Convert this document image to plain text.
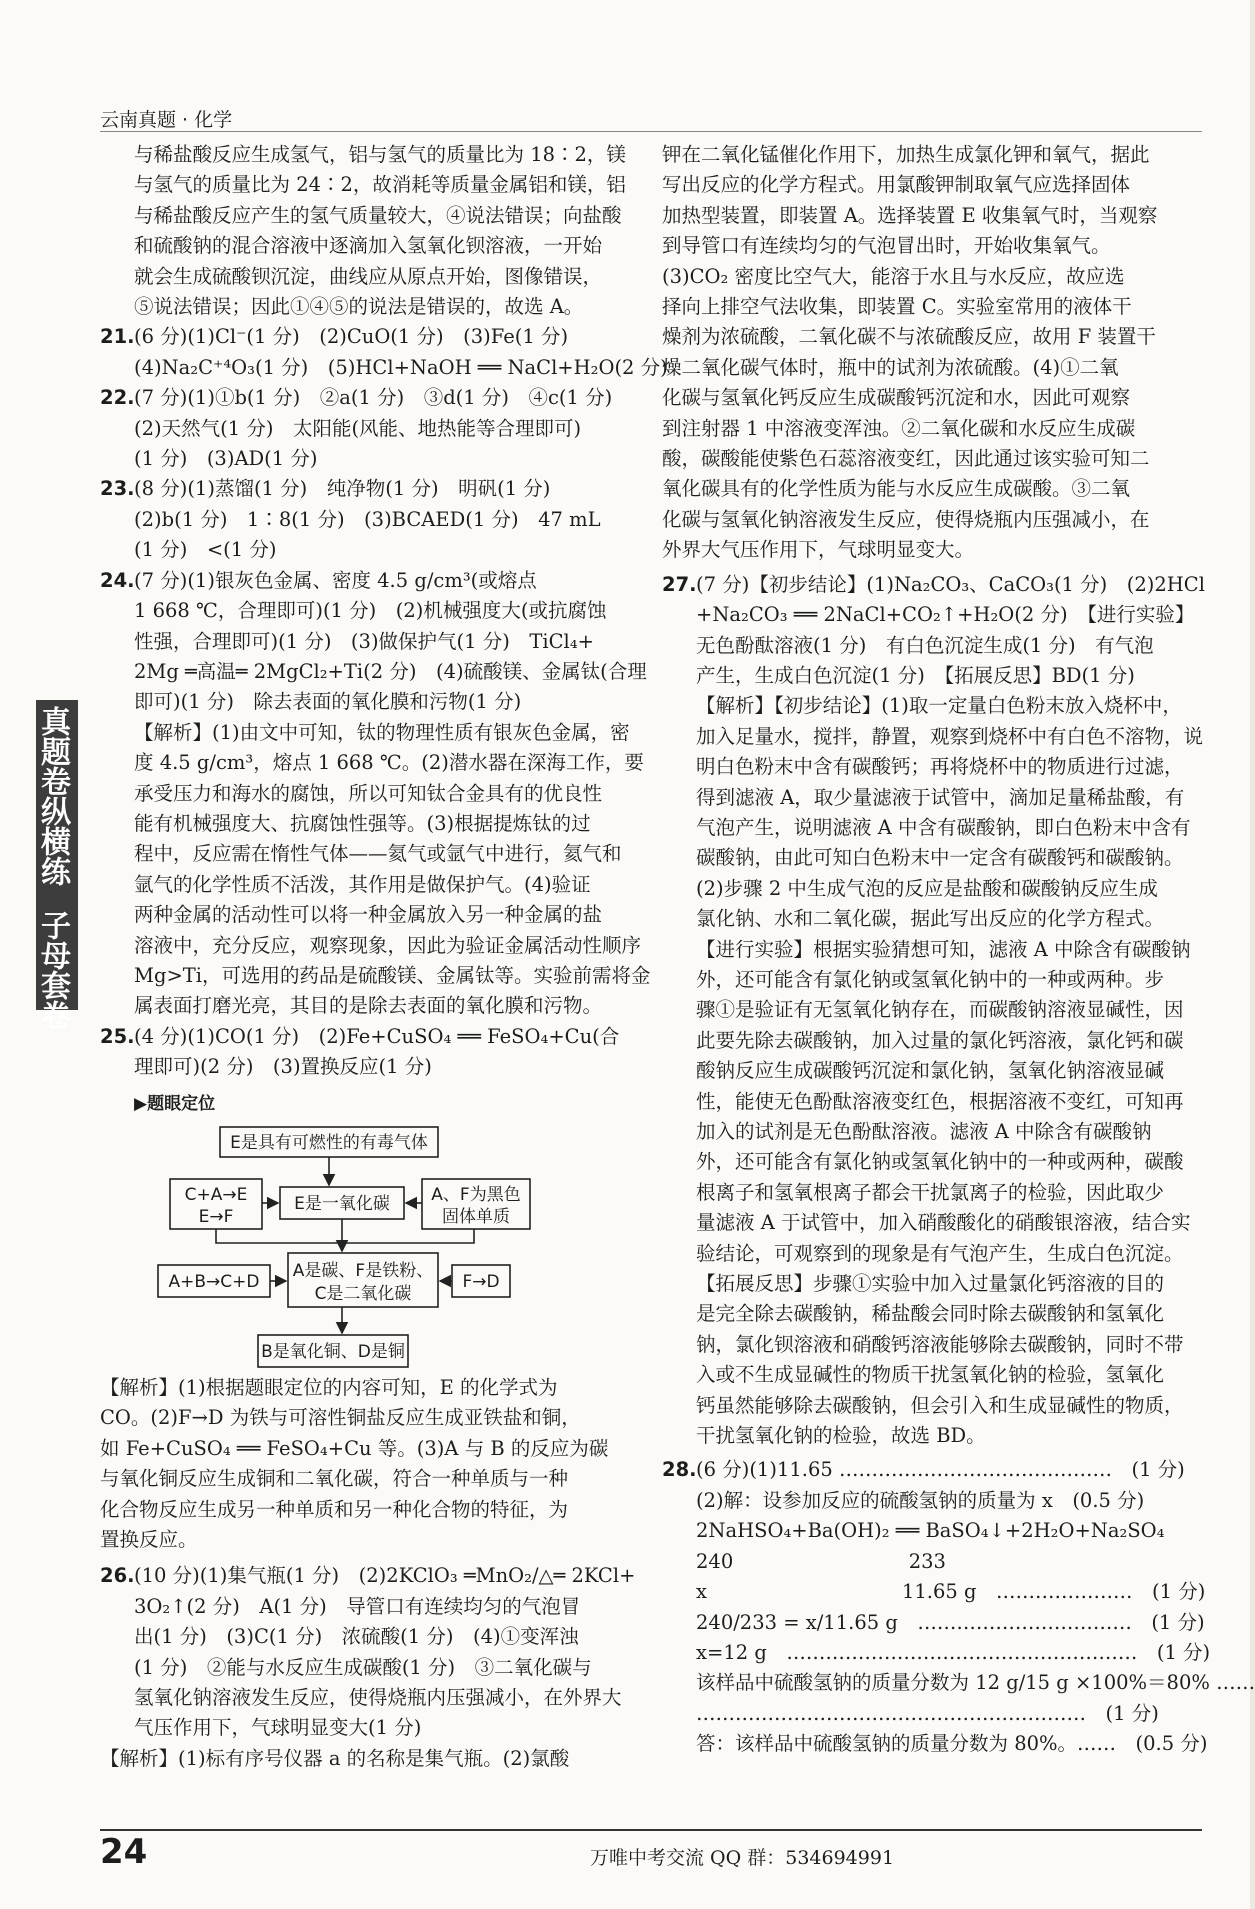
云南真题 · 化学
真题卷纵横练
子母套卷

与稀盐酸反应生成氢气，铝与氢气的质量比为 18∶2，镁

与氢气的质量比为 24∶2，故消耗等质量金属铝和镁，铝

与稀盐酸反应产生的氢气质量较大，④说法错误；向盐酸

和硫酸钠的混合溶液中逐滴加入氢氧化钡溶液，一开始

就会生成硫酸钡沉淀，曲线应从原点开始，图像错误，

⑤说法错误；因此①④⑤的说法是错误的，故选 A。

21.(6 分)(1)Cl⁻(1 分)　(2)CuO(1 分)　(3)Fe(1 分)

(4)Na₂C⁺⁴O₃(1 分)　(5)HCl+NaOH ══ NaCl+H₂O(2 分)

22.(7 分)(1)①b(1 分)　②a(1 分)　③d(1 分)　④c(1 分)

(2)天然气(1 分)　太阳能(风能、地热能等合理即可)

(1 分)　(3)AD(1 分)

23.(8 分)(1)蒸馏(1 分)　纯净物(1 分)　明矾(1 分)

(2)b(1 分)　1∶8(1 分)　(3)BCAED(1 分)　47 mL

(1 分)　<(1 分)

24.(7 分)(1)银灰色金属、密度 4.5 g/cm³(或熔点

1 668 ℃，合理即可)(1 分)　(2)机械强度大(或抗腐蚀

性强，合理即可)(1 分)　(3)做保护气(1 分)　TiCl₄+

2Mg ═高温═ 2MgCl₂+Ti(2 分)　(4)硫酸镁、金属钛(合理

即可)(1 分)　除去表面的氧化膜和污物(1 分)

【解析】(1)由文中可知，钛的物理性质有银灰色金属，密

度 4.5 g/cm³，熔点 1 668 ℃。(2)潜水器在深海工作，要

承受压力和海水的腐蚀，所以可知钛合金具有的优良性

能有机械强度大、抗腐蚀性强等。(3)根据提炼钛的过

程中，反应需在惰性气体——氦气或氩气中进行，氦气和

氩气的化学性质不活泼，其作用是做保护气。(4)验证

两种金属的活动性可以将一种金属放入另一种金属的盐

溶液中，充分反应，观察现象，因此为验证金属活动性顺序

Mg>Ti，可选用的药品是硫酸镁、金属钛等。实验前需将金

属表面打磨光亮，其目的是除去表面的氧化膜和污物。

25.(4 分)(1)CO(1 分)　(2)Fe+CuSO₄ ══ FeSO₄+Cu(合

理即可)(2 分)　(3)置换反应(1 分)

▶题眼定位
E是具有可燃性的有毒气体
C+A→E
E→F
E是一氧化碳 A、F为黑色
固体单质
A+B→C+D
A是碳、F是铁粉、
C是二氧化碳
F→D
B是氧化铜、D是铜

【解析】(1)根据题眼定位的内容可知，E 的化学式为

CO。(2)F→D 为铁与可溶性铜盐反应生成亚铁盐和铜，

如 Fe+CuSO₄ ══ FeSO₄+Cu 等。(3)A 与 B 的反应为碳

与氧化铜反应生成铜和二氧化碳，符合一种单质与一种

化合物反应生成另一种单质和另一种化合物的特征，为

置换反应。

26.(10 分)(1)集气瓶(1 分)　(2)2KClO₃ ═MnO₂/△═ 2KCl+

3O₂↑(2 分)　A(1 分)　导管口有连续均匀的气泡冒

出(1 分)　(3)C(1 分)　浓硫酸(1 分)　(4)①变浑浊

(1 分)　②能与水反应生成碳酸(1 分)　③二氧化碳与

氢氧化钠溶液发生反应，使得烧瓶内压强减小，在外界大

气压作用下，气球明显变大(1 分)

【解析】(1)标有序号仪器 a 的名称是集气瓶。(2)氯酸

钾在二氧化锰催化作用下，加热生成氯化钾和氧气，据此

写出反应的化学方程式。用氯酸钾制取氧气应选择固体

加热型装置，即装置 A。选择装置 E 收集氧气时，当观察

到导管口有连续均匀的气泡冒出时，开始收集氧气。

(3)CO₂ 密度比空气大，能溶于水且与水反应，故应选

择向上排空气法收集，即装置 C。实验室常用的液体干

燥剂为浓硫酸，二氧化碳不与浓硫酸反应，故用 F 装置干

燥二氧化碳气体时，瓶中的试剂为浓硫酸。(4)①二氧

化碳与氢氧化钙反应生成碳酸钙沉淀和水，因此可观察

到注射器 1 中溶液变浑浊。②二氧化碳和水反应生成碳

酸，碳酸能使紫色石蕊溶液变红，因此通过该实验可知二

氧化碳具有的化学性质为能与水反应生成碳酸。③二氧

化碳与氢氧化钠溶液发生反应，使得烧瓶内压强减小，在

外界大气压作用下，气球明显变大。

27.(7 分)【初步结论】(1)Na₂CO₃、CaCO₃(1 分)　(2)2HCl

+Na₂CO₃ ══ 2NaCl+CO₂↑+H₂O(2 分)　【进行实验】

无色酚酞溶液(1 分)　有白色沉淀生成(1 分)　有气泡

产生，生成白色沉淀(1 分)　【拓展反思】BD(1 分)

【解析】【初步结论】(1)取一定量白色粉末放入烧杯中，

加入足量水，搅拌，静置，观察到烧杯中有白色不溶物，说

明白色粉末中含有碳酸钙；再将烧杯中的物质进行过滤，

得到滤液 A，取少量滤液于试管中，滴加足量稀盐酸，有

气泡产生，说明滤液 A 中含有碳酸钠，即白色粉末中含有

碳酸钠，由此可知白色粉末中一定含有碳酸钙和碳酸钠。

(2)步骤 2 中生成气泡的反应是盐酸和碳酸钠反应生成

氯化钠、水和二氧化碳，据此写出反应的化学方程式。

【进行实验】根据实验猜想可知，滤液 A 中除含有碳酸钠

外，还可能含有氯化钠或氢氧化钠中的一种或两种。步

骤①是验证有无氢氧化钠存在，而碳酸钠溶液显碱性，因

此要先除去碳酸钠，加入过量的氯化钙溶液，氯化钙和碳

酸钠反应生成碳酸钙沉淀和氯化钠，氢氧化钠溶液显碱

性，能使无色酚酞溶液变红色，根据溶液不变红，可知再

加入的试剂是无色酚酞溶液。滤液 A 中除含有碳酸钠

外，还可能含有氯化钠或氢氧化钠中的一种或两种，碳酸

根离子和氢氧根离子都会干扰氯离子的检验，因此取少

量滤液 A 于试管中，加入硝酸酸化的硝酸银溶液，结合实

验结论，可观察到的现象是有气泡产生，生成白色沉淀。

【拓展反思】步骤①实验中加入过量氯化钙溶液的目的

是完全除去碳酸钠，稀盐酸会同时除去碳酸钠和氢氧化

钠，氯化钡溶液和硝酸钙溶液能够除去碳酸钠，同时不带

入或不生成显碱性的物质干扰氢氧化钠的检验，氢氧化

钙虽然能够除去碳酸钠，但会引入和生成显碱性的物质，

干扰氢氧化钠的检验，故选 BD。

28.(6 分)(1)11.65 ……………………………………　(1 分)

(2)解：设参加反应的硫酸氢钠的质量为 x　(0.5 分)

2NaHSO₄+Ba(OH)₂ ══ BaSO₄↓+2H₂O+Na₂SO₄

240　　　　　　　　　233

x　　　　　　　　　　11.65 g　…………………　(1 分)

240/233 = x/11.65 g　……………………………　(1 分)

x=12 g　………………………………………………　(1 分)

该样品中硫酸氢钠的质量分数为 12 g/15 g ×100%＝80% ……

……………………………………………………　(1 分)

答：该样品中硫酸氢钠的质量分数为 80%。……　(0.5 分)

24	万唯中考交流 QQ 群：534694991
